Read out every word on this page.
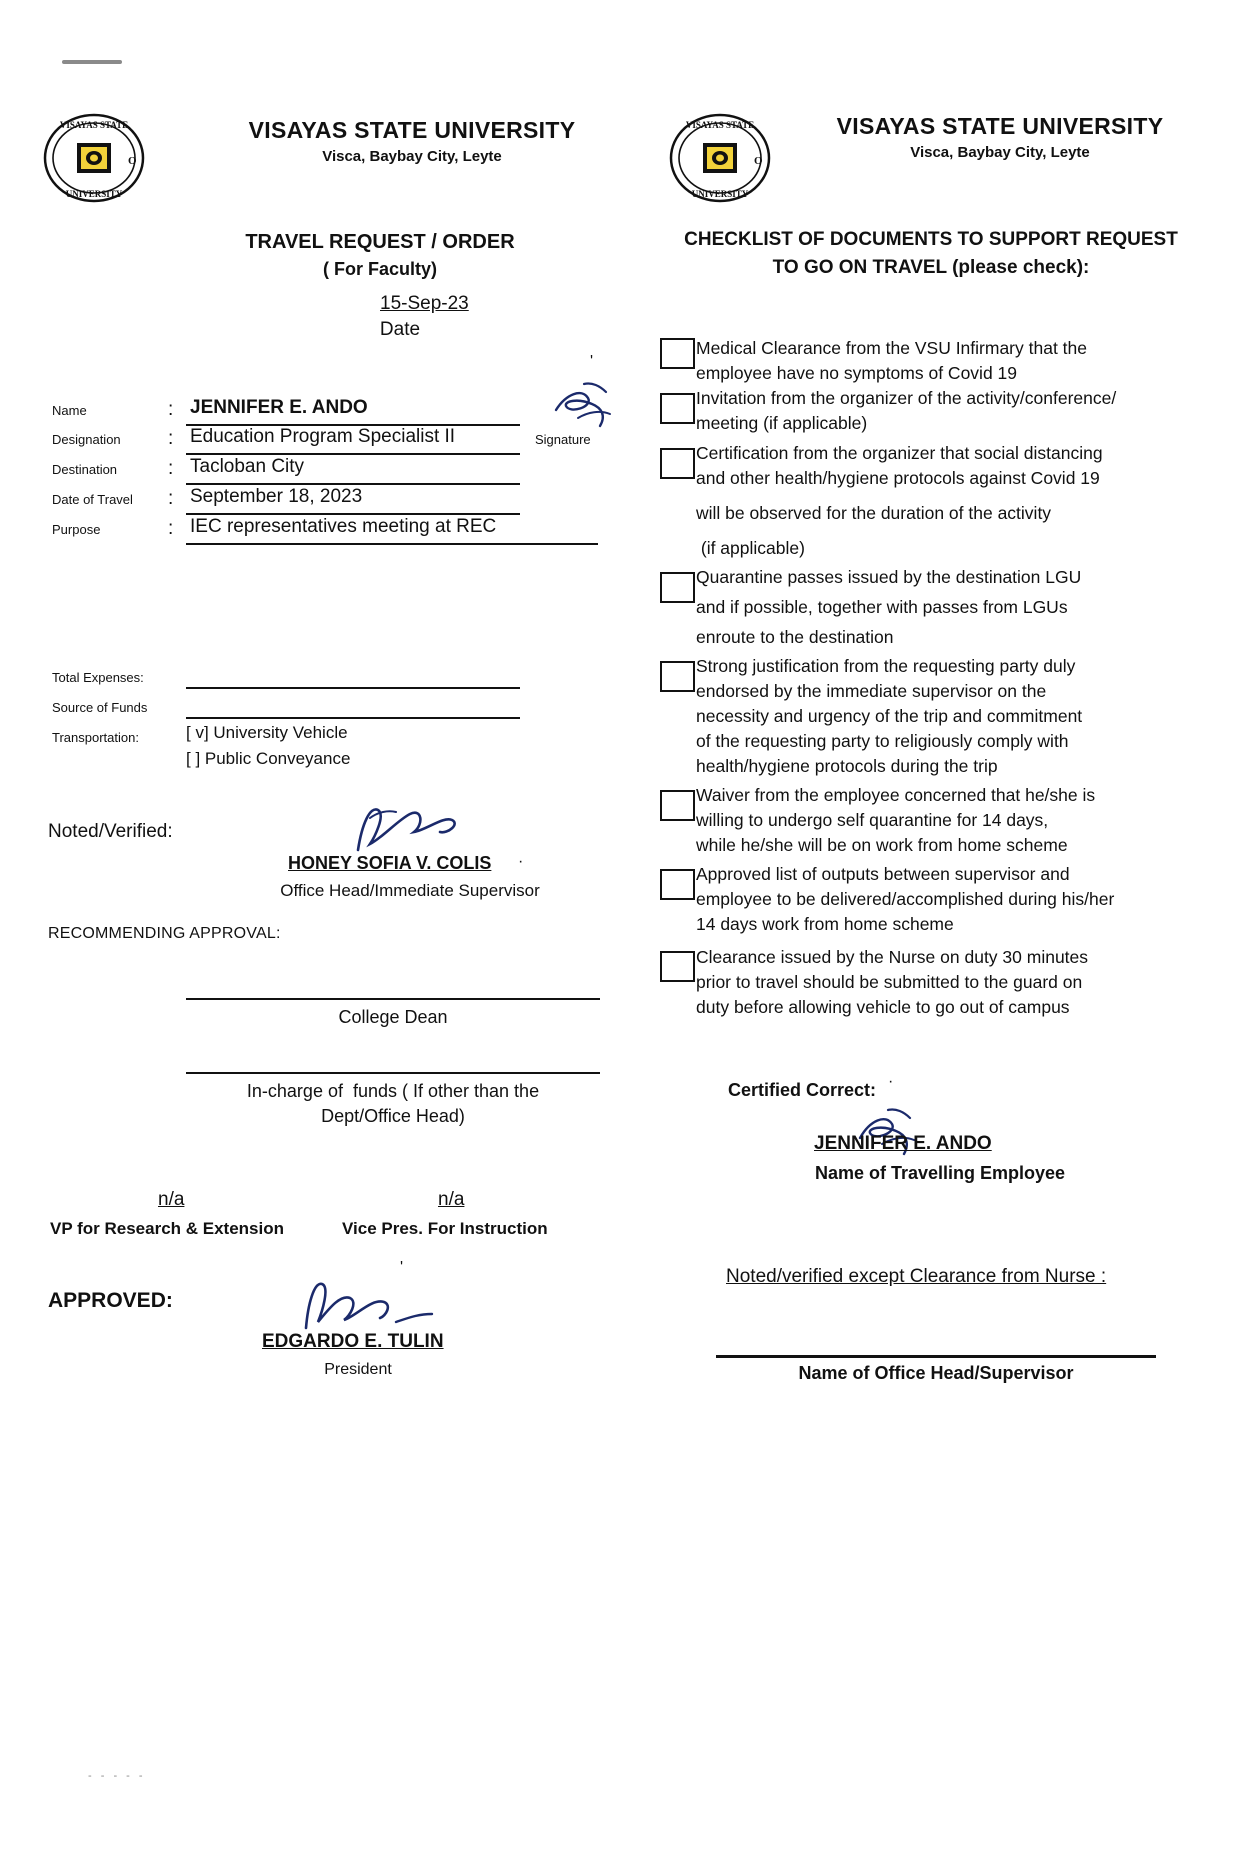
- - - - -
VISAYAS STATE
UNIVERSITY
O
VISAYAS STATE UNIVERSITY
Visca, Baybay City, Leyte
TRAVEL REQUEST / ORDER
( For Faculty)
15-Sep-23
Date
Name	: JENNIFER E. ANDO
Designation : Education Program Specialist II
Destination	: Tacloban City
Date of Travel : September 18, 2023
Purpose	: IEC representatives meeting at REC
Signature
'
Total Expenses:
Source of Funds
Transportation:	[ v] University Vehicle
[ ] Public Conveyance
Noted/Verified:
HONEY SOFIA V. COLIS
Office Head/Immediate Supervisor
·
RECOMMENDING APPROVAL:
College Dean
In-charge of  funds ( If other than the
Dept/Office Head)
n/a
VP for Research & Extension
n/a
Vice Pres. For Instruction
APPROVED:
'
EDGARDO E. TULIN
President
VISAYAS STATE
UNIVERSITY
O
VISAYAS STATE UNIVERSITY
Visca, Baybay City, Leyte
CHECKLIST OF DOCUMENTS TO SUPPORT REQUEST
TO GO ON TRAVEL (please check):
Medical Clearance from the VSU Infirmary that the
employee have no symptoms of Covid 19
Invitation from the organizer of the activity/conference/
meeting (if applicable)
Certification from the organizer that social distancing
and other health/hygiene protocols against Covid 19
will be observed for the duration of the activity
(if applicable)
Quarantine passes issued by the destination LGU
and if possible, together with passes from LGUs
enroute to the destination
Strong justification from the requesting party duly
endorsed by the immediate supervisor on the
necessity and urgency of the trip and commitment
of the requesting party to religiously comply with
health/hygiene protocols during the trip
Waiver from the employee concerned that he/she is
willing to undergo self quarantine for 14 days,
while he/she will be on work from home scheme
Approved list of outputs between supervisor and
employee to be delivered/accomplished during his/her
14 days work from home scheme
Clearance issued by the Nurse on duty 30 minutes
prior to travel should be submitted to the guard on
duty before allowing vehicle to go out of campus
Certified Correct: ·
JENNIFER E. ANDO
Name of Travelling Employee
Noted/verified except Clearance from Nurse :
Name of Office Head/Supervisor
